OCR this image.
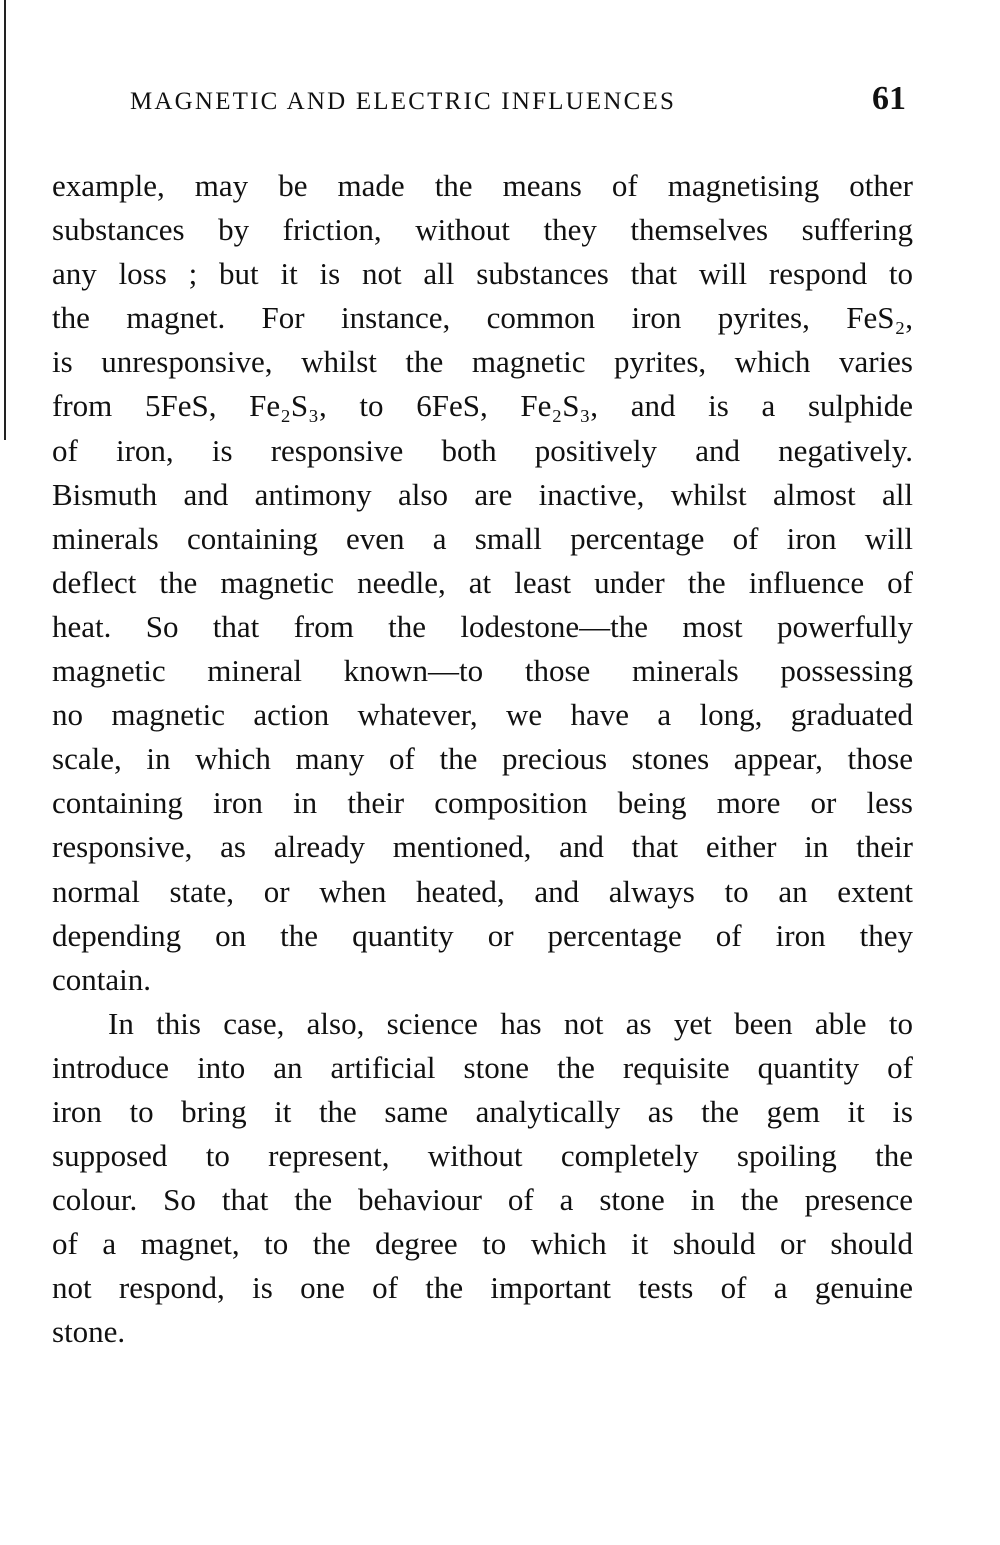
MAGNETIC AND ELECTRIC INFLUENCES	61
example, may be made the means of magnetising other
substances by friction, without they themselves suffering
any loss ; but it is not all substances that will respond to
the magnet. For instance, common iron pyrites, FeS₂,
is unresponsive, whilst the magnetic pyrites, which varies
from 5FeS, Fe₂S₃, to 6FeS, Fe₂S₃, and is a sulphide
of iron, is responsive both positively and negatively.
Bismuth and antimony also are inactive, whilst almost all
minerals containing even a small percentage of iron will
deflect the magnetic needle, at least under the influence of
heat. So that from the lodestone—the most powerfully
magnetic mineral known—to those minerals possessing
no magnetic action whatever, we have a long, graduated
scale, in which many of the precious stones appear, those
containing iron in their composition being more or less
responsive, as already mentioned, and that either in their
normal state, or when heated, and always to an extent
depending on the quantity or percentage of iron they
contain.
In this case, also, science has not as yet been able to
introduce into an artificial stone the requisite quantity of
iron to bring it the same analytically as the gem it is
supposed to represent, without completely spoiling the
colour. So that the behaviour of a stone in the presence
of a magnet, to the degree to which it should or should
not respond, is one of the important tests of a genuine
stone.
